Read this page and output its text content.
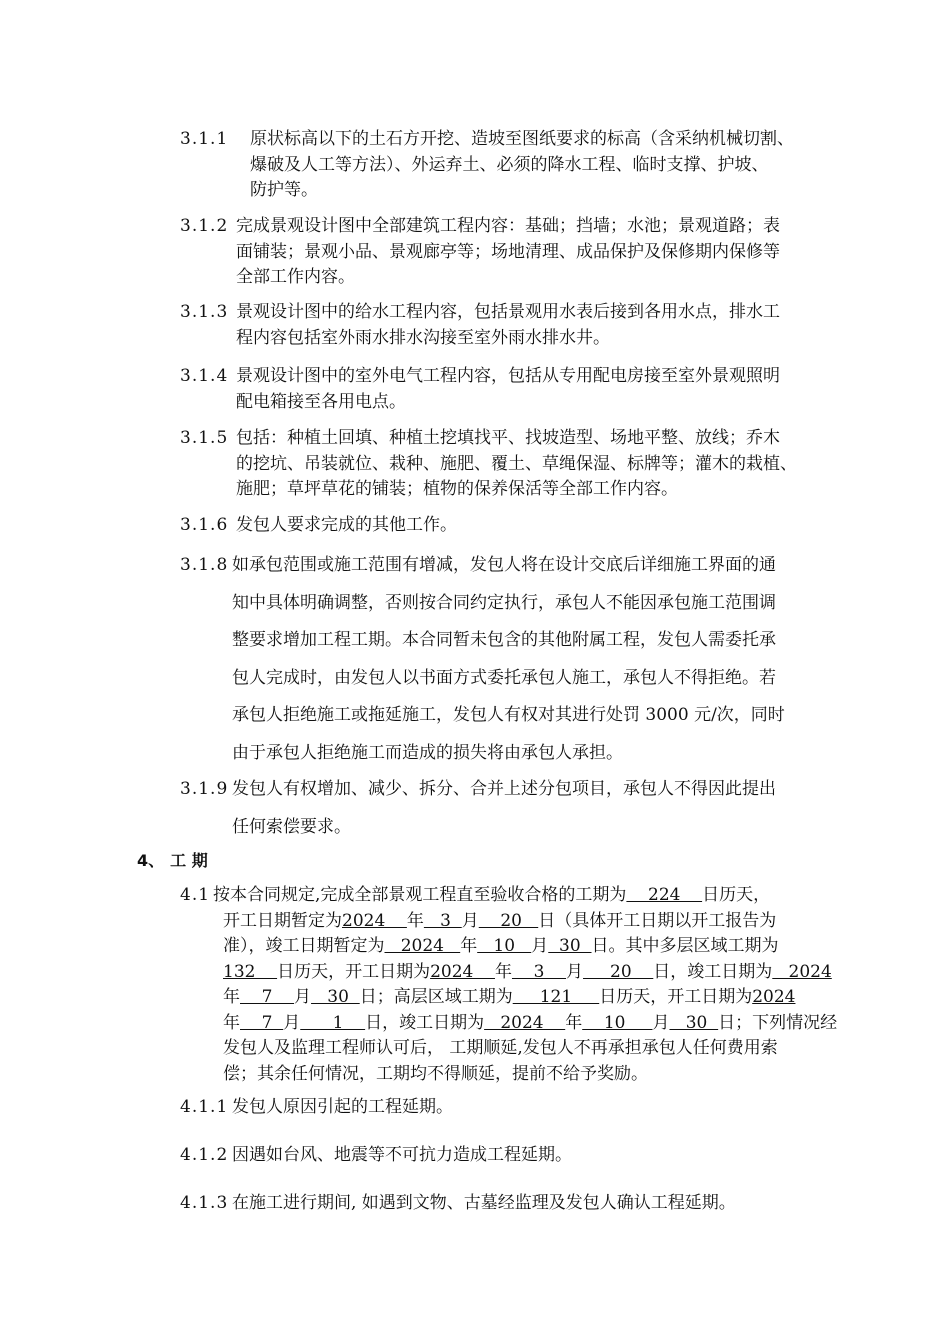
3.1.1 原状标高以下的土石方开挖、造坡至图纸要求的标高（含采纳机械切割、
爆破及人工等方法）、外运弃土、必须的降水工程、临时支撑、护坡、
防护等。
3.1.2 完成景观设计图中全部建筑工程内容：基础；挡墙；水池；景观道路；表
面铺装；景观小品、景观廊亭等；场地清理、成品保护及保修期内保修等
全部工作内容。
3.1.3 景观设计图中的给水工程内容，包括景观用水表后接到各用水点，排水工
程内容包括室外雨水排水沟接至室外雨水排水井。
3.1.4 景观设计图中的室外电气工程内容，包括从专用配电房接至室外景观照明
配电箱接至各用电点。
3.1.5 包括：种植土回填、种植土挖填找平、找坡造型、场地平整、放线；乔木
的挖坑、吊装就位、栽种、施肥、覆土、草绳保湿、标牌等；灌木的栽植、
施肥；草坪草花的铺装；植物的保养保活等全部工作内容。
3.1.6 发包人要求完成的其他工作。
3.1.8 如承包范围或施工范围有增减，发包人将在设计交底后详细施工界面的通
知中具体明确调整，否则按合同约定执行，承包人不能因承包施工范围调
整要求增加工程工期。本合同暂未包含的其他附属工程，发包人需委托承
包人完成时，由发包人以书面方式委托承包人施工，承包人不得拒绝。若
承包人拒绝施工或拖延施工，发包人有权对其进行处罚 3000 元/次，同时
由于承包人拒绝施工而造成的损失将由承包人承担。
3.1.9 发包人有权增加、减少、拆分、合并上述分包项目，承包人不得因此提出
任何索偿要求。
4、 工 期
4.1 按本合同规定,完成全部景观工程直至验收合格的工期为    224    日历天，
开工日期暂定为2024    年   3  月    20   日（具体开工日期以开工报告为
准），竣工日期暂定为   2024   年   10   月  30  日。其中多层区域工期为
132    日历天，开工日期为2024    年    3    月     20    日，竣工日期为   2024
年    7    月   30  日；高层区域工期为     121     日历天，开工日期为2024
年    7  月      1    日，竣工日期为   2024    年    10     月   30  日；下列情况经
发包人及监理工程师认可后， 工期顺延,发包人不再承担承包人任何费用索
偿；其余任何情况，工期均不得顺延，提前不给予奖励。
4.1.1 发包人原因引起的工程延期。
4.1.2 因遇如台风、地震等不可抗力造成工程延期。
4.1.3 在施工进行期间, 如遇到文物、古墓经监理及发包人确认工程延期。
